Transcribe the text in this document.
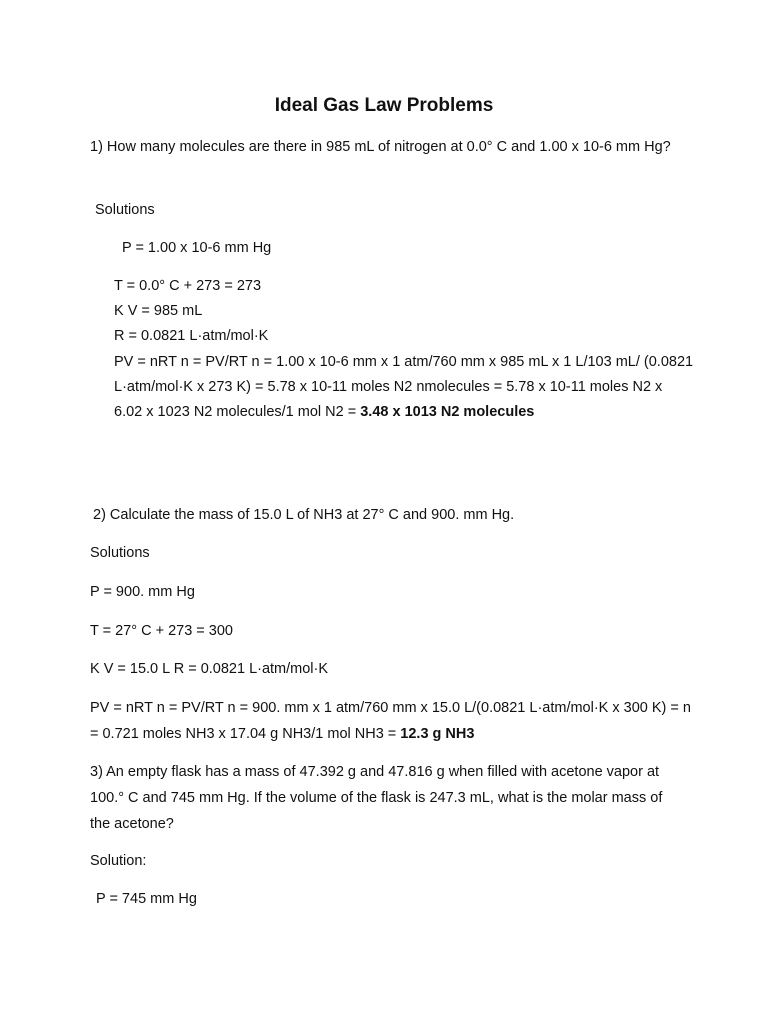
Ideal Gas Law Problems
1) How many molecules are there in 985 mL of nitrogen at 0.0° C and 1.00 x 10-6 mm Hg?
Solutions
P = 1.00 x 10-6 mm Hg
T = 0.0° C + 273 = 273
K V = 985 mL
R = 0.0821 L·atm/mol·K
PV = nRT n = PV/RT n = 1.00 x 10-6 mm x 1 atm/760 mm x 985 mL x 1 L/103 mL/ (0.0821 L·atm/mol·K x 273 K) = 5.78 x 10-11 moles N2 nmolecules = 5.78 x 10-11 moles N2 x 6.02 x 1023 N2 molecules/1 mol N2 = 3.48 x 1013 N2 molecules
2) Calculate the mass of 15.0 L of NH3 at 27° C and 900. mm Hg.
Solutions
P = 900. mm Hg
T = 27° C + 273 = 300
K V = 15.0 L R = 0.0821 L·atm/mol·K
PV = nRT n = PV/RT n = 900. mm x 1 atm/760 mm x 15.0 L/(0.0821 L·atm/mol·K x 300 K) = n = 0.721 moles NH3 x 17.04 g NH3/1 mol NH3 = 12.3 g NH3
3) An empty flask has a mass of 47.392 g and 47.816 g when filled with acetone vapor at 100.° C and 745 mm Hg. If the volume of the flask is 247.3 mL, what is the molar mass of the acetone?
Solution:
P = 745 mm Hg
